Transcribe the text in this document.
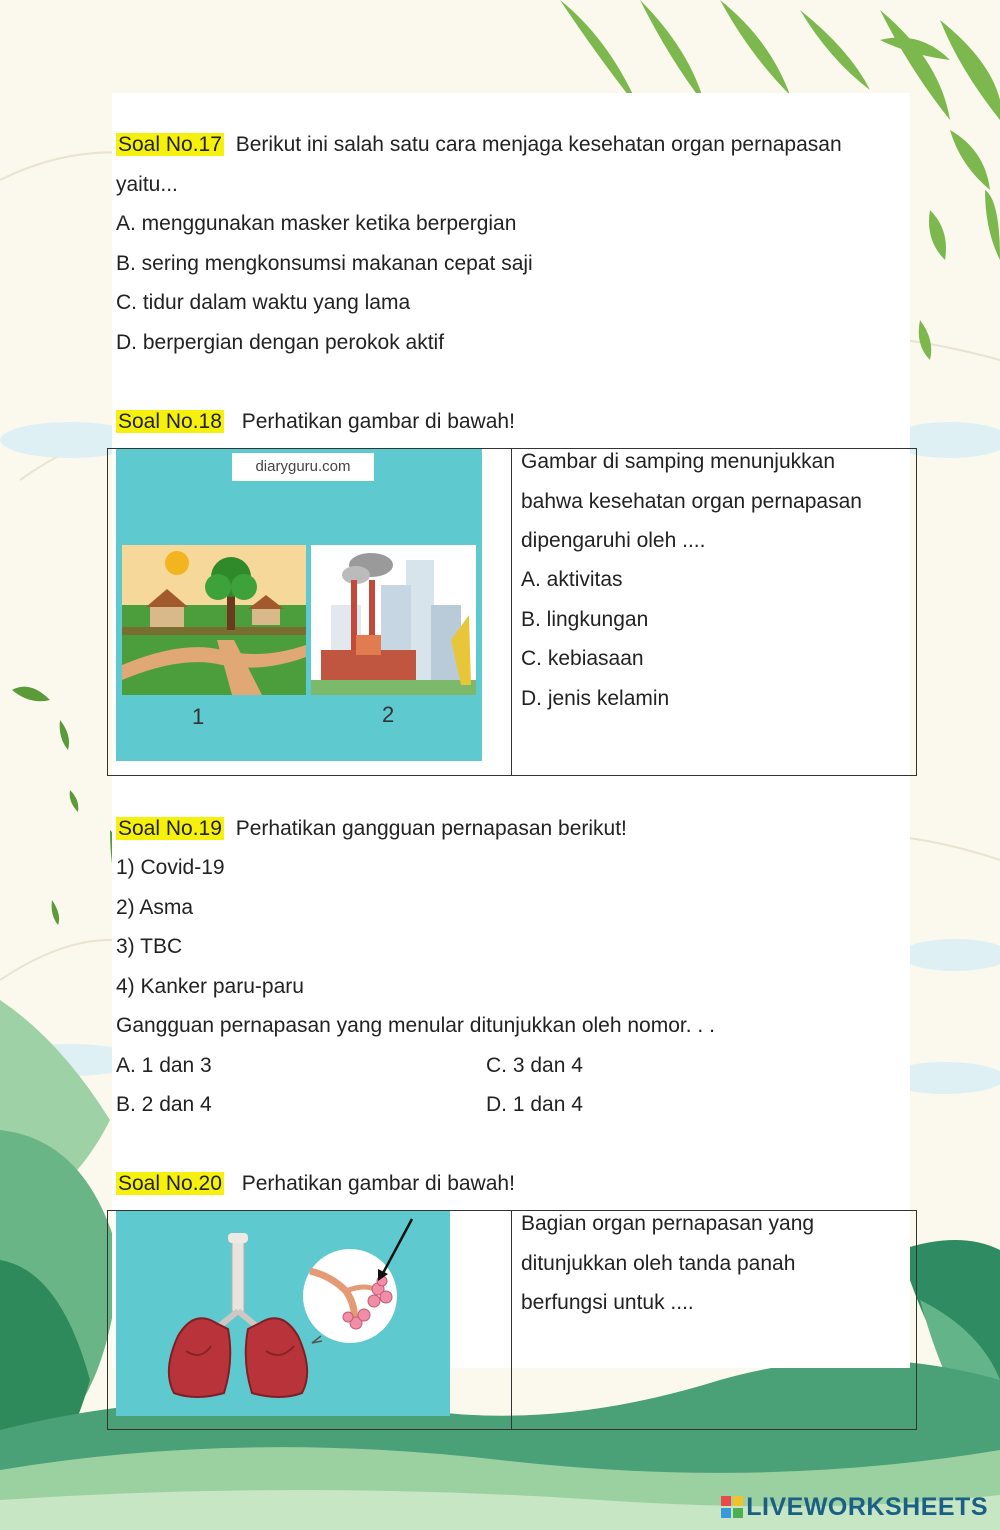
Soal No.17 Berikut ini salah satu cara menjaga kesehatan organ pernapasan
yaitu...
A. menggunakan masker ketika berpergian
B. sering mengkonsumsi makanan cepat saji
C. tidur dalam waktu yang lama
D. berpergian dengan perokok aktif
Soal No.18 Perhatikan gambar di bawah!
diaryguru.com
1	2
Gambar di samping menunjukkan
bahwa kesehatan organ pernapasan
dipengaruhi oleh ....
A. aktivitas
B. lingkungan
C. kebiasaan
D. jenis kelamin
Soal No.19 Perhatikan gangguan pernapasan berikut!
1) Covid-19
2) Asma
3) TBC
4) Kanker paru-paru
Gangguan pernapasan yang menular ditunjukkan oleh nomor. . .
A. 1 dan 3	C. 3 dan 4
B. 2 dan 4	D. 1 dan 4
Soal No.20 Perhatikan gambar di bawah!
Bagian organ pernapasan yang
ditunjukkan oleh tanda panah
berfungsi untuk ....
LIVEWORKSHEETS
